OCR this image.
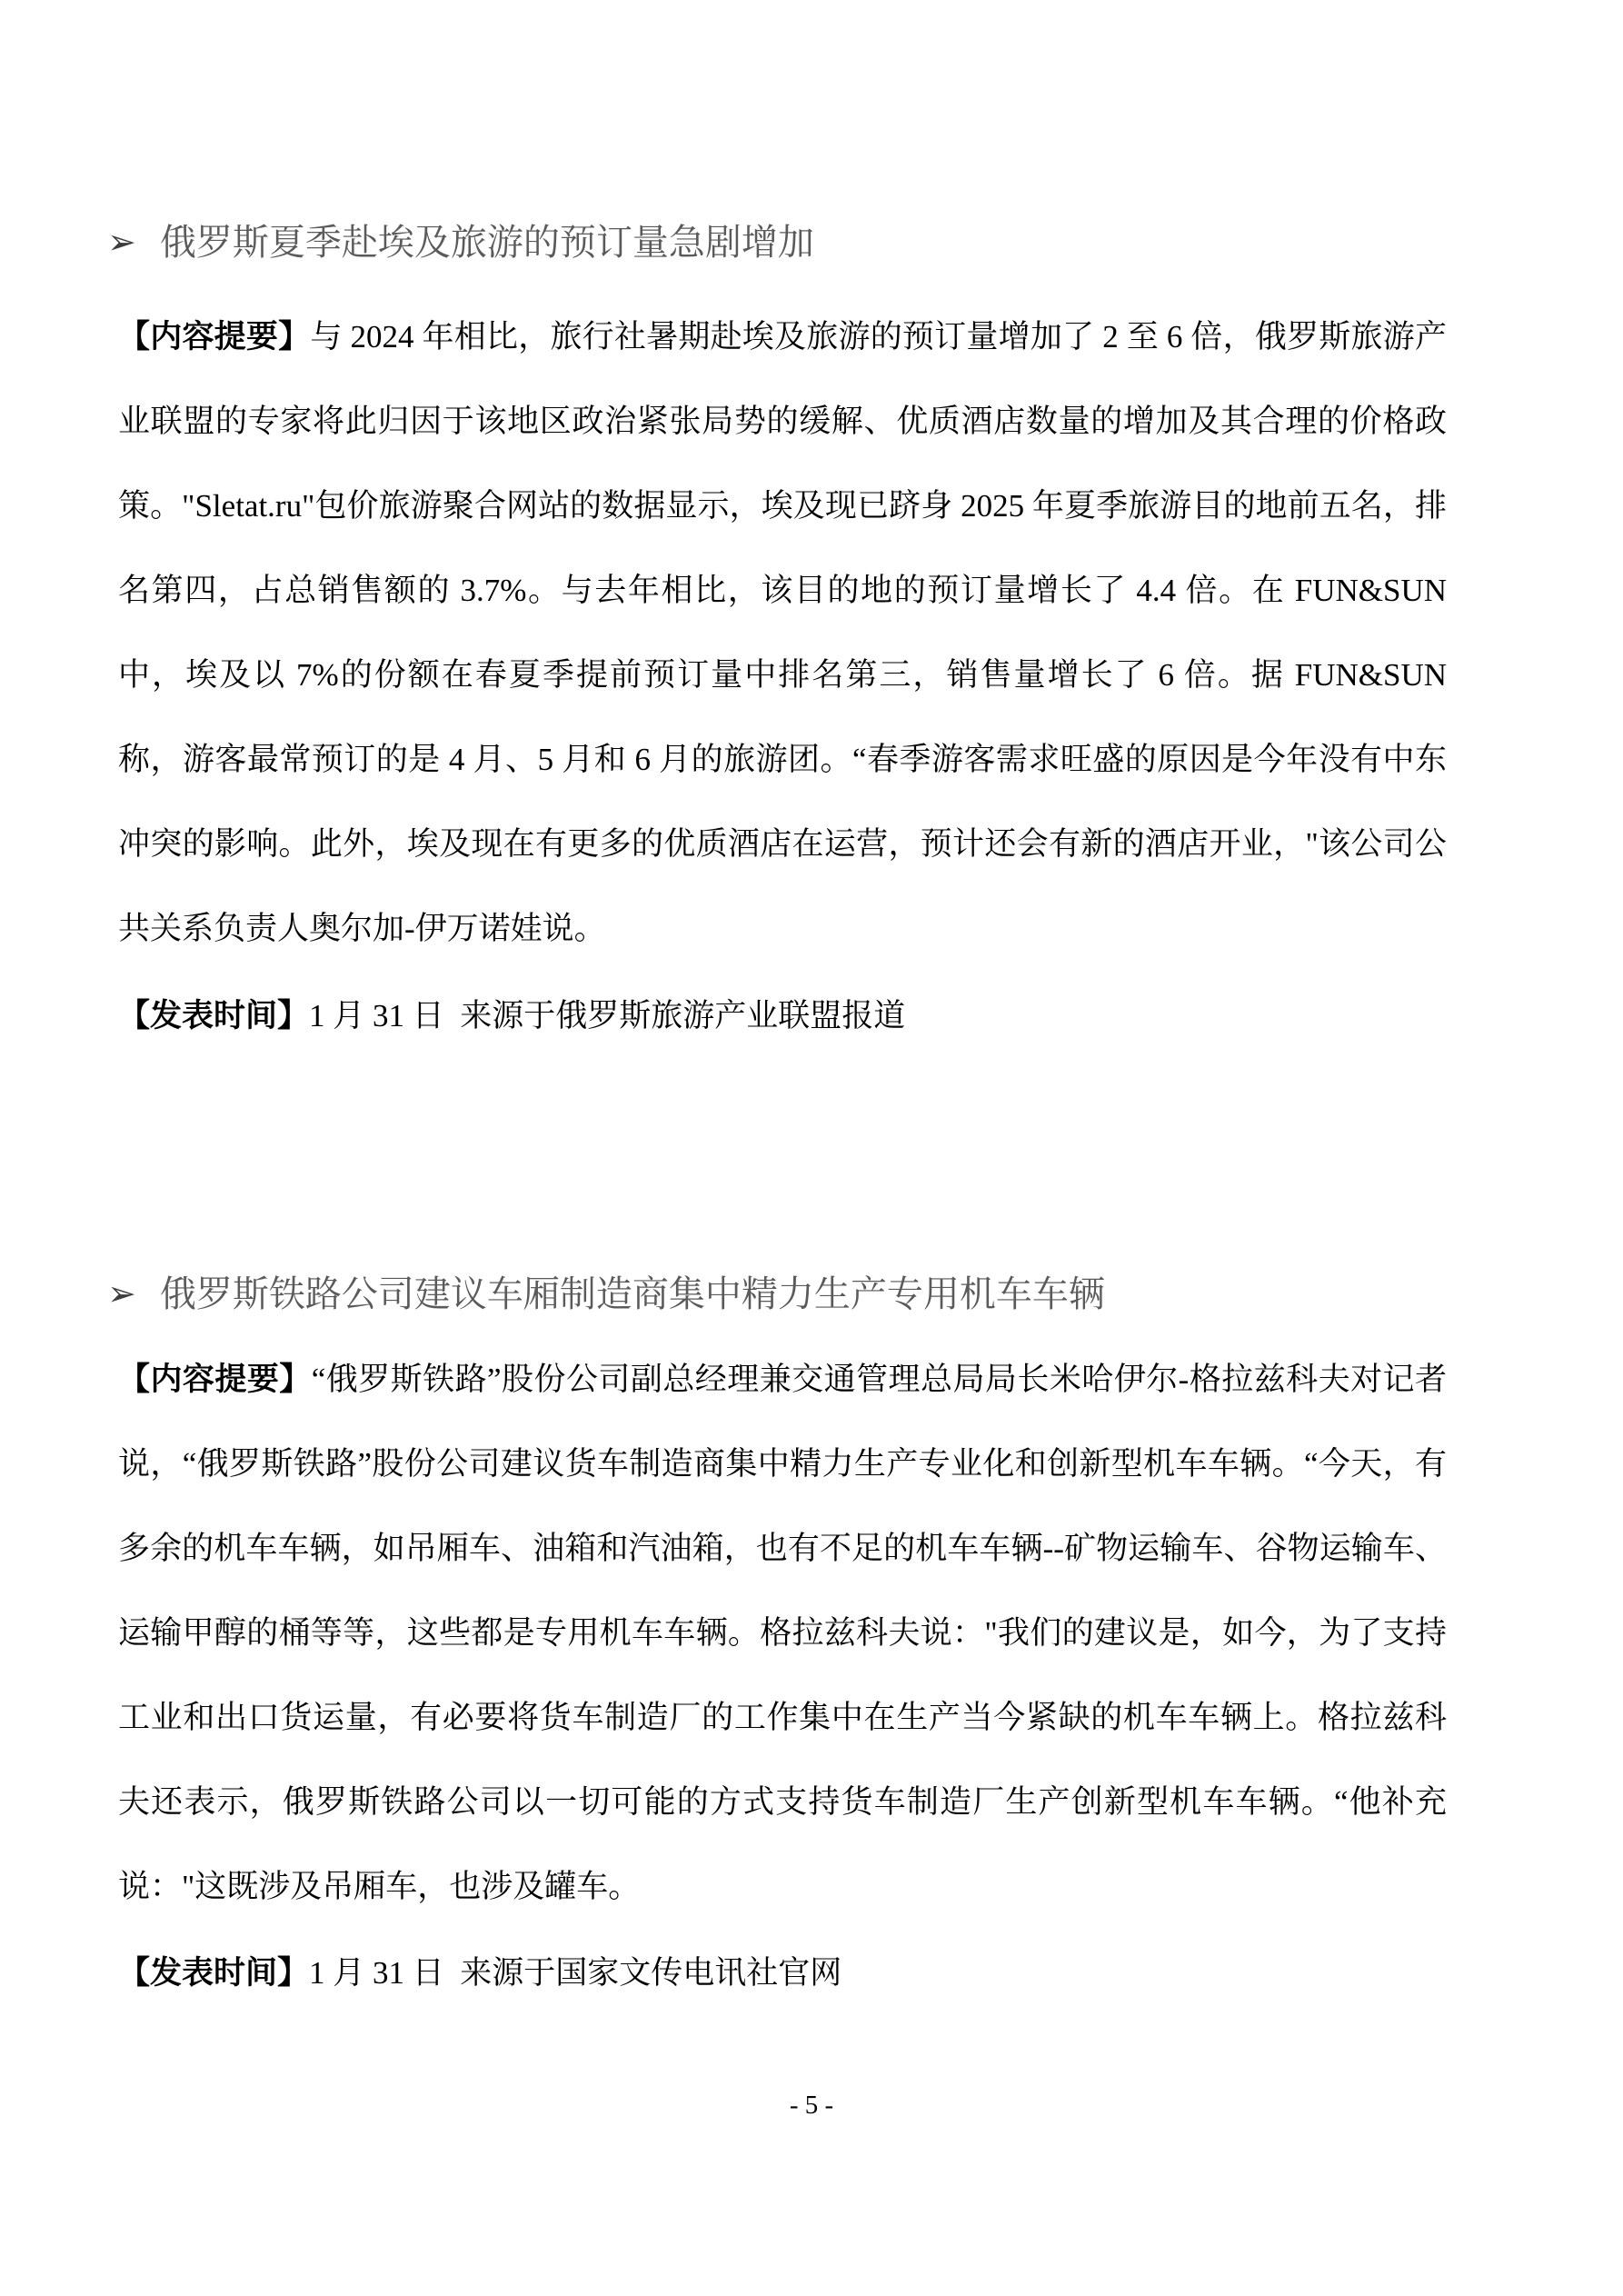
➢ 俄罗斯夏季赴埃及旅游的预订量急剧增加

【内容提要】与 2024 年相比，旅行社暑期赴埃及旅游的预订量增加了 2 至 6 倍，俄罗斯旅游产业联盟的专家将此归因于该地区政治紧张局势的缓解、优质酒店数量的增加及其合理的价格政策。"Sletat.ru"包价旅游聚合网站的数据显示，埃及现已跻身 2025 年夏季旅游目的地前五名，排名第四，占总销售额的 3.7%。与去年相比，该目的地的预订量增长了 4.4 倍。在 FUN&SUN 中，埃及以 7%的份额在春夏季提前预订量中排名第三，销售量增长了 6 倍。据 FUN&SUN 称，游客最常预订的是 4 月、5 月和 6 月的旅游团。“春季游客需求旺盛的原因是今年没有中东冲突的影响。此外，埃及现在有更多的优质酒店在运营，预计还会有新的酒店开业，"该公司公共关系负责人奥尔加-伊万诺娃说。

【发表时间】1 月 31 日  来源于俄罗斯旅游产业联盟报道

➢ 俄罗斯铁路公司建议车厢制造商集中精力生产专用机车车辆

【内容提要】“俄罗斯铁路”股份公司副总经理兼交通管理总局局长米哈伊尔-格拉兹科夫对记者说，“俄罗斯铁路”股份公司建议货车制造商集中精力生产专业化和创新型机车车辆。“今天，有多余的机车车辆，如吊厢车、油箱和汽油箱，也有不足的机车车辆--矿物运输车、谷物运输车、运输甲醇的桶等等，这些都是专用机车车辆。格拉兹科夫说："我们的建议是，如今，为了支持工业和出口货运量，有必要将货车制造厂的工作集中在生产当今紧缺的机车车辆上。格拉兹科夫还表示，俄罗斯铁路公司以一切可能的方式支持货车制造厂生产创新型机车车辆。“他补充说："这既涉及吊厢车，也涉及罐车。

【发表时间】1 月 31 日  来源于国家文传电讯社官网

- 5 -
